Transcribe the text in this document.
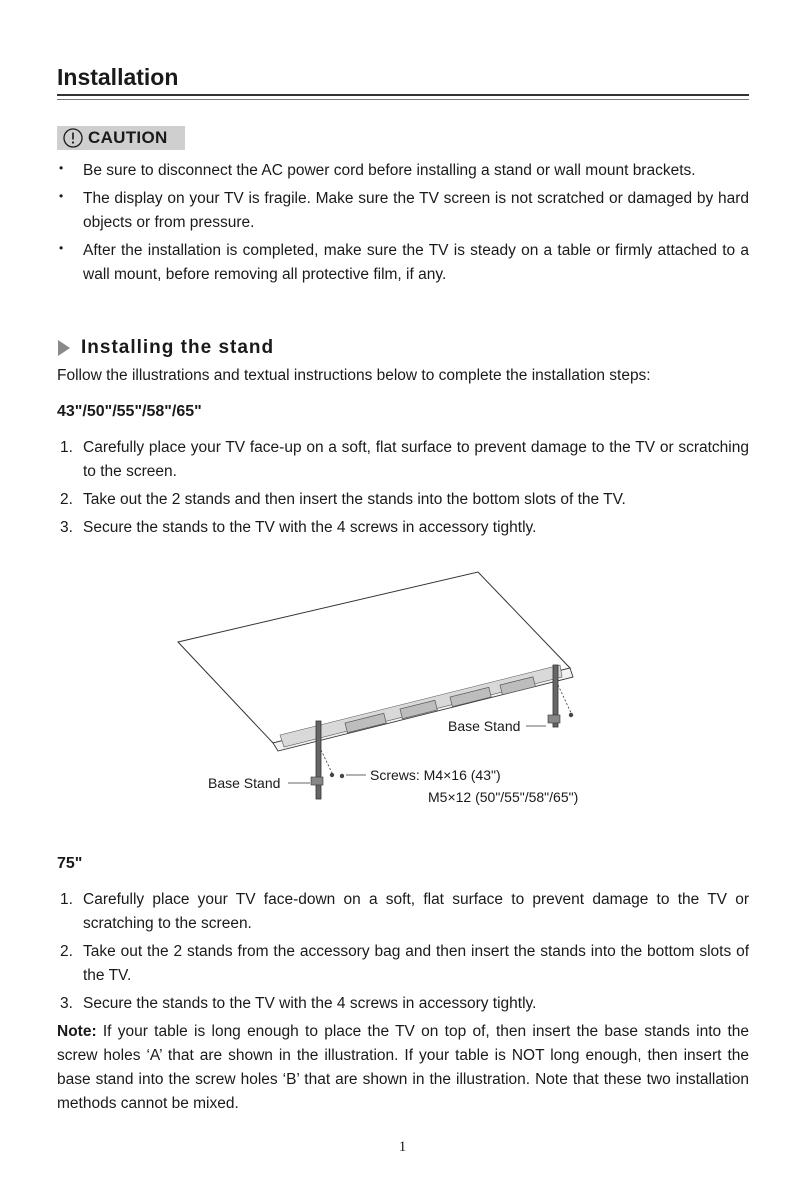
Installation
CAUTION
• Be sure to disconnect the AC power cord before installing a stand or wall mount brackets.
• The display on your TV is fragile. Make sure the TV screen is not scratched or damaged by hard objects or from pressure.
• After the installation is completed, make sure the TV is steady on a table or firmly attached to a wall mount, before removing all protective film, if any.
Installing the stand
Follow the illustrations and textual instructions below to complete the installation steps:
43"/50"/55"/58"/65"
1. Carefully place your TV face-up on a soft, flat surface to prevent damage to the TV or scratching to the screen.
2. Take out the 2 stands and then insert the stands into the bottom slots of the TV.
3. Secure the stands to the TV with the 4 screws in accessory tightly.
Base Stand
Base Stand	Screws: M4×16 (43")
M5×12 (50"/55"/58"/65")
75"
1. Carefully place your TV face-down on a soft, flat surface to prevent damage to the TV or scratching to the screen.
2. Take out the 2 stands from the accessory bag and then insert the stands into the bottom slots of the TV.
3. Secure the stands to the TV with the 4 screws in accessory tightly.
Note: If your table is long enough to place the TV on top of, then insert the base stands into the screw holes ‘A’ that are shown in the illustration. If your table is NOT long enough, then insert the base stand into the screw holes ‘B’ that are shown in the illustration. Note that these two installation methods cannot be mixed.
1
